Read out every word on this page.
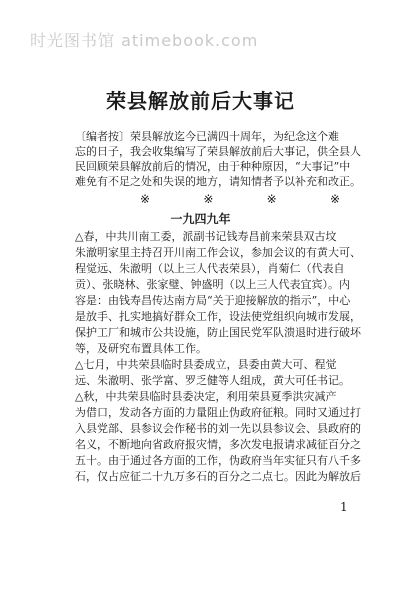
时光图书馆 atimebook.com
荣县解放前后大事记
〔编者按〕荣县解放迄今已满四十周年，为纪念这个难
忘的日子，我会收集编写了荣县解放前后大事记，供全县人
民回顾荣县解放前后的情况，由于种种原因，“大事记”中
难免有不足之处和失误的地方，请知情者予以补充和改正。
※	※	※	※
一九四九年
△春，中共川南工委，派副书记钱寿昌前来荣县双古坟
朱澈明家里主持召开川南工作会议，参加会议的有黄大可、
程觉远、朱澈明（以上三人代表荣县），肖菊仁（代表自
贡）、张晓林、张家璧、钟盛明（以上三人代表宜宾）。内
容是：由钱寿昌传达南方局“关于迎接解放的指示”，中心
是放手、扎实地搞好群众工作，设法使党组织向城市发展，
保护工厂和城市公共设施，防止国民党军队溃退时进行破坏
等，及研究布置具体工作。
△七月，中共荣县临时县委成立，县委由黄大可、程觉
远、朱澈明、张学富、罗乏健等人组成，黄大可任书记。
△秋，中共荣县临时县委决定，利用荣县夏季洪灾减产
为借口，发动各方面的力量阻止伪政府征粮。同时又通过打
入县党部、县参议会作秘书的刘一先以县参议会、县政府的
名义，不断地向省政府报灾情，多次发电报请求减征百分之
五十。由于通过各方面的工作，伪政府当年实征只有八千多
石，仅占应征二十九万多石的百分之二点七。因此为解放后
1
